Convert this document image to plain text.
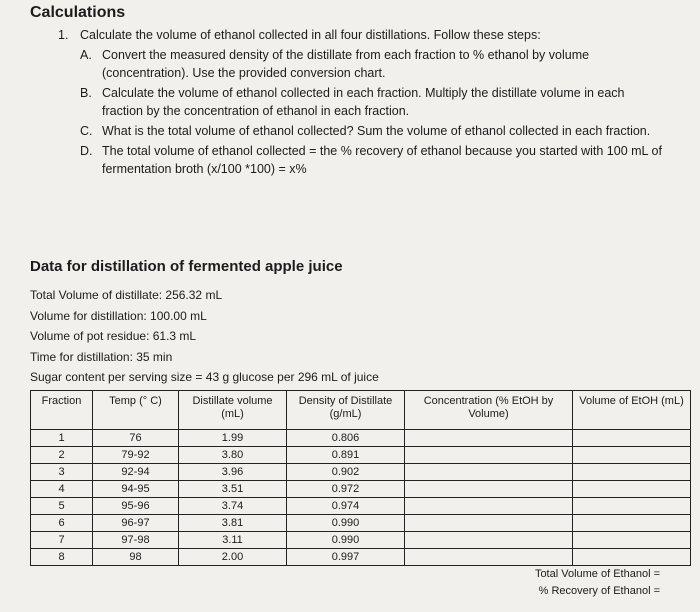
Calculations
1. Calculate the volume of ethanol collected in all four distillations. Follow these steps:
A. Convert the measured density of the distillate from each fraction to % ethanol by volume (concentration). Use the provided conversion chart.
B. Calculate the volume of ethanol collected in each fraction. Multiply the distillate volume in each fraction by the concentration of ethanol in each fraction.
C. What is the total volume of ethanol collected? Sum the volume of ethanol collected in each fraction.
D. The total volume of ethanol collected = the % recovery of ethanol because you started with 100 mL of fermentation broth (x/100 *100) = x%
Data for distillation of fermented apple juice
Total Volume of distillate: 256.32 mL
Volume for distillation: 100.00 mL
Volume of pot residue: 61.3 mL
Time for distillation: 35 min
Sugar content per serving size = 43 g glucose per 296 mL of juice
Fraction	Temp (° C)	Distillate volume (mL)	Density of Distillate (g/mL)	Concentration (% EtOH by Volume)	Volume of EtOH (mL)
1	76	1.99	0.806		
2	79-92	3.80	0.891		
3	92-94	3.96	0.902		
4	94-95	3.51	0.972		
5	95-96	3.74	0.974		
6	96-97	3.81	0.990		
7	97-98	3.11	0.990		
8	98	2.00	0.997		
Total Volume of Ethanol =
% Recovery of Ethanol =
